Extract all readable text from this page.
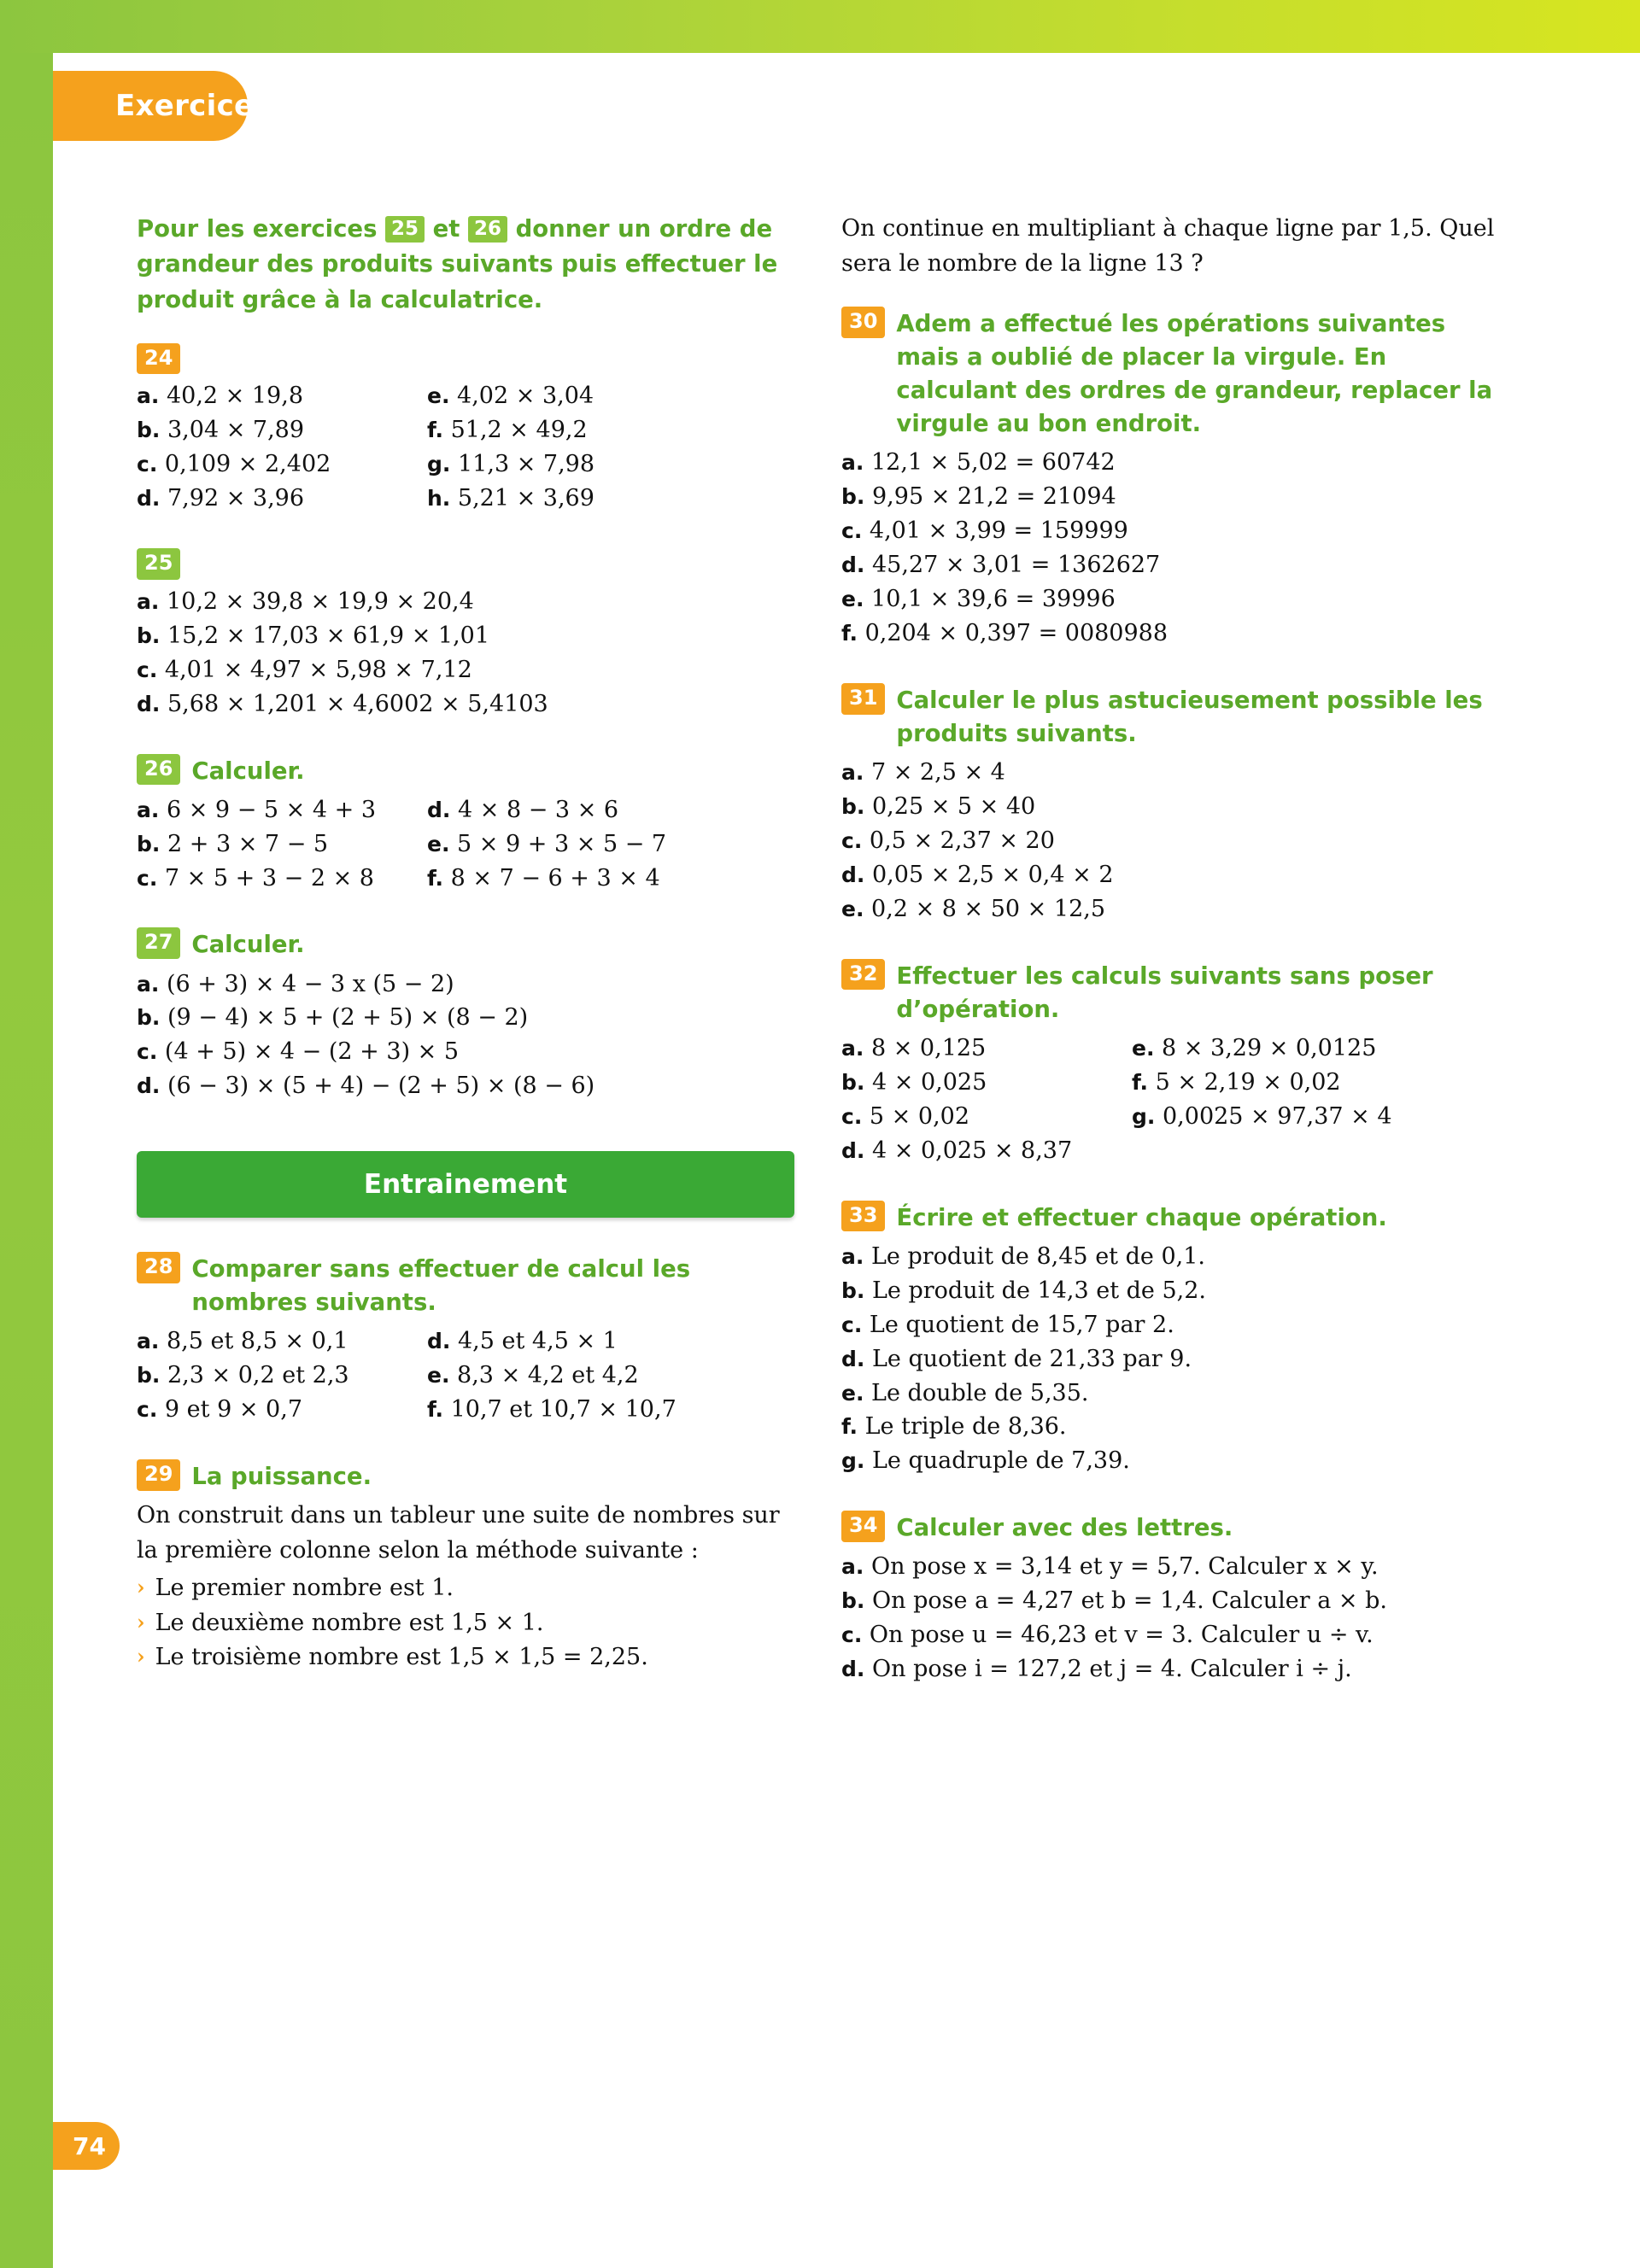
Exercices
74
Pour les exercices 25 et 26 donner un ordre de grandeur des produits suivants puis effectuer le produit grâce à la calculatrice.
24
a. 40,2 × 19,8
b. 3,04 × 7,89
c. 0,109 × 2,402
d. 7,92 × 3,96
e. 4,02 × 3,04
f. 51,2 × 49,2
g. 11,3 × 7,98
h. 5,21 × 3,69
25
a. 10,2 × 39,8 × 19,9 × 20,4
b. 15,2 × 17,03 × 61,9 × 1,01
c. 4,01 × 4,97 × 5,98 × 7,12
d. 5,68 × 1,201 × 4,6002 × 5,4103
26 Calculer.
a. 6 × 9 − 5 × 4 + 3
b. 2 + 3 × 7 − 5
c. 7 × 5 + 3 − 2 × 8
d. 4 × 8 − 3 × 6
e. 5 × 9 + 3 × 5 − 7
f. 8 × 7 − 6 + 3 × 4
27 Calculer.
a. (6 + 3) × 4 − 3 x (5 − 2)
b. (9 − 4) × 5 + (2 + 5) × (8 − 2)
c. (4 + 5) × 4 − (2 + 3) × 5
d. (6 − 3) × (5 + 4) − (2 + 5) × (8 − 6)
Entrainement
28 Comparer sans effectuer de calcul les nombres suivants.
a. 8,5 et 8,5 × 0,1
b. 2,3 × 0,2 et 2,3
c. 9 et 9 × 0,7
d. 4,5 et 4,5 × 1
e. 8,3 × 4,2 et 4,2
f. 10,7 et 10,7 × 10,7
29 La puissance.
On construit dans un tableur une suite de nombres sur la première colonne selon la méthode suivante :
› Le premier nombre est 1.
› Le deuxième nombre est 1,5 × 1.
› Le troisième nombre est 1,5 × 1,5 = 2,25.
On continue en multipliant à chaque ligne par 1,5. Quel sera le nombre de la ligne 13 ?
30 Adem a effectué les opérations suivantes mais a oublié de placer la virgule. En calculant des ordres de grandeur, replacer la virgule au bon endroit.
a. 12,1 × 5,02 = 60742
b. 9,95 × 21,2 = 21094
c. 4,01 × 3,99 = 159999
d. 45,27 × 3,01 = 1362627
e. 10,1 × 39,6 = 39996
f. 0,204 × 0,397 = 0080988
31 Calculer le plus astucieusement possible les produits suivants.
a. 7 × 2,5 × 4
b. 0,25 × 5 × 40
c. 0,5 × 2,37 × 20
d. 0,05 × 2,5 × 0,4 × 2
e. 0,2 × 8 × 50 × 12,5
32 Effectuer les calculs suivants sans poser d’opération.
a. 8 × 0,125
b. 4 × 0,025
c. 5 × 0,02
d. 4 × 0,025 × 8,37
e. 8 × 3,29 × 0,0125
f. 5 × 2,19 × 0,02
g. 0,0025 × 97,37 × 4
33 Écrire et effectuer chaque opération.
a. Le produit de 8,45 et de 0,1.
b. Le produit de 14,3 et de 5,2.
c. Le quotient de 15,7 par 2.
d. Le quotient de 21,33 par 9.
e. Le double de 5,35.
f. Le triple de 8,36.
g. Le quadruple de 7,39.
34 Calculer avec des lettres.
a. On pose x = 3,14 et y = 5,7. Calculer x × y.
b. On pose a = 4,27 et b = 1,4. Calculer a × b.
c. On pose u = 46,23 et v = 3. Calculer u ÷ v.
d. On pose i = 127,2 et j = 4. Calculer i ÷ j.
